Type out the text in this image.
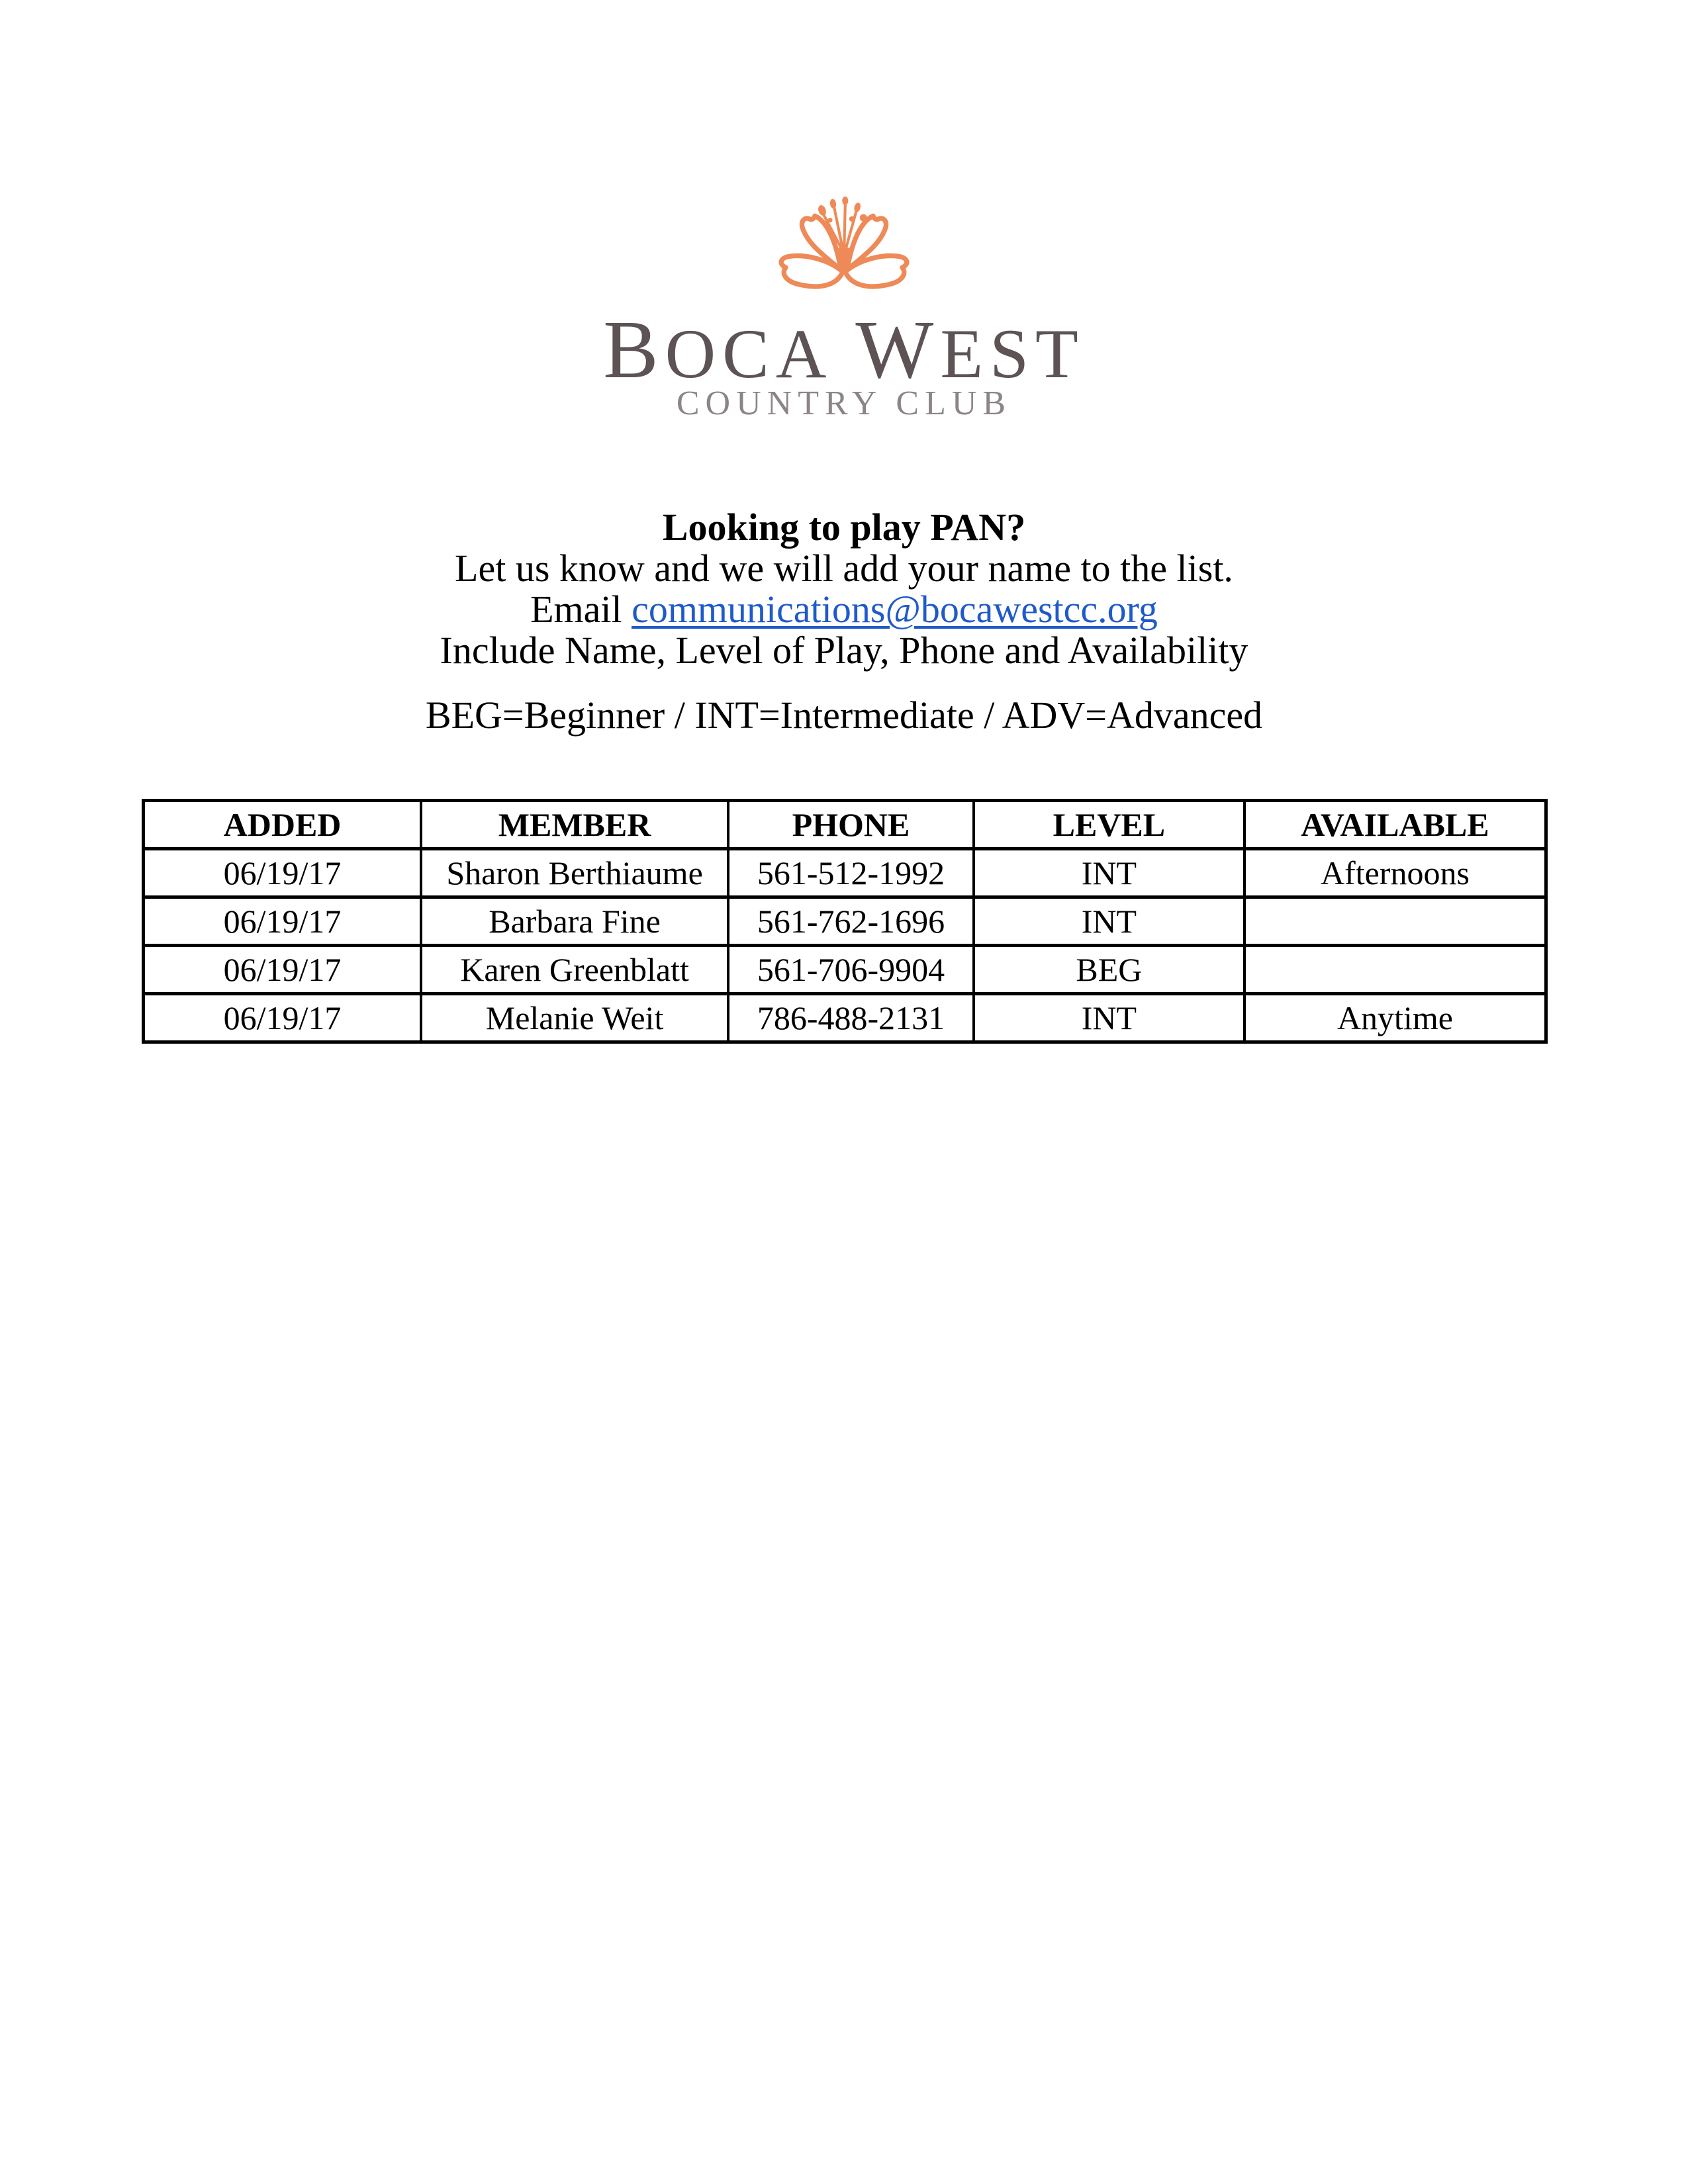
BOCA WEST
COUNTRY CLUB

Looking to play PAN?

Let us know and we will add your name to the list.

Email communications@bocawestcc.org

Include Name, Level of Play, Phone and Availability

BEG=Beginner / INT=Intermediate / ADV=Advanced

ADDED	MEMBER	PHONE	LEVEL	AVAILABLE
06/19/17	Sharon Berthiaume	561-512-1992	INT	Afternoons
06/19/17	Barbara Fine	561-762-1696	INT	
06/19/17	Karen Greenblatt	561-706-9904	BEG	
06/19/17	Melanie Weit	786-488-2131	INT	Anytime
